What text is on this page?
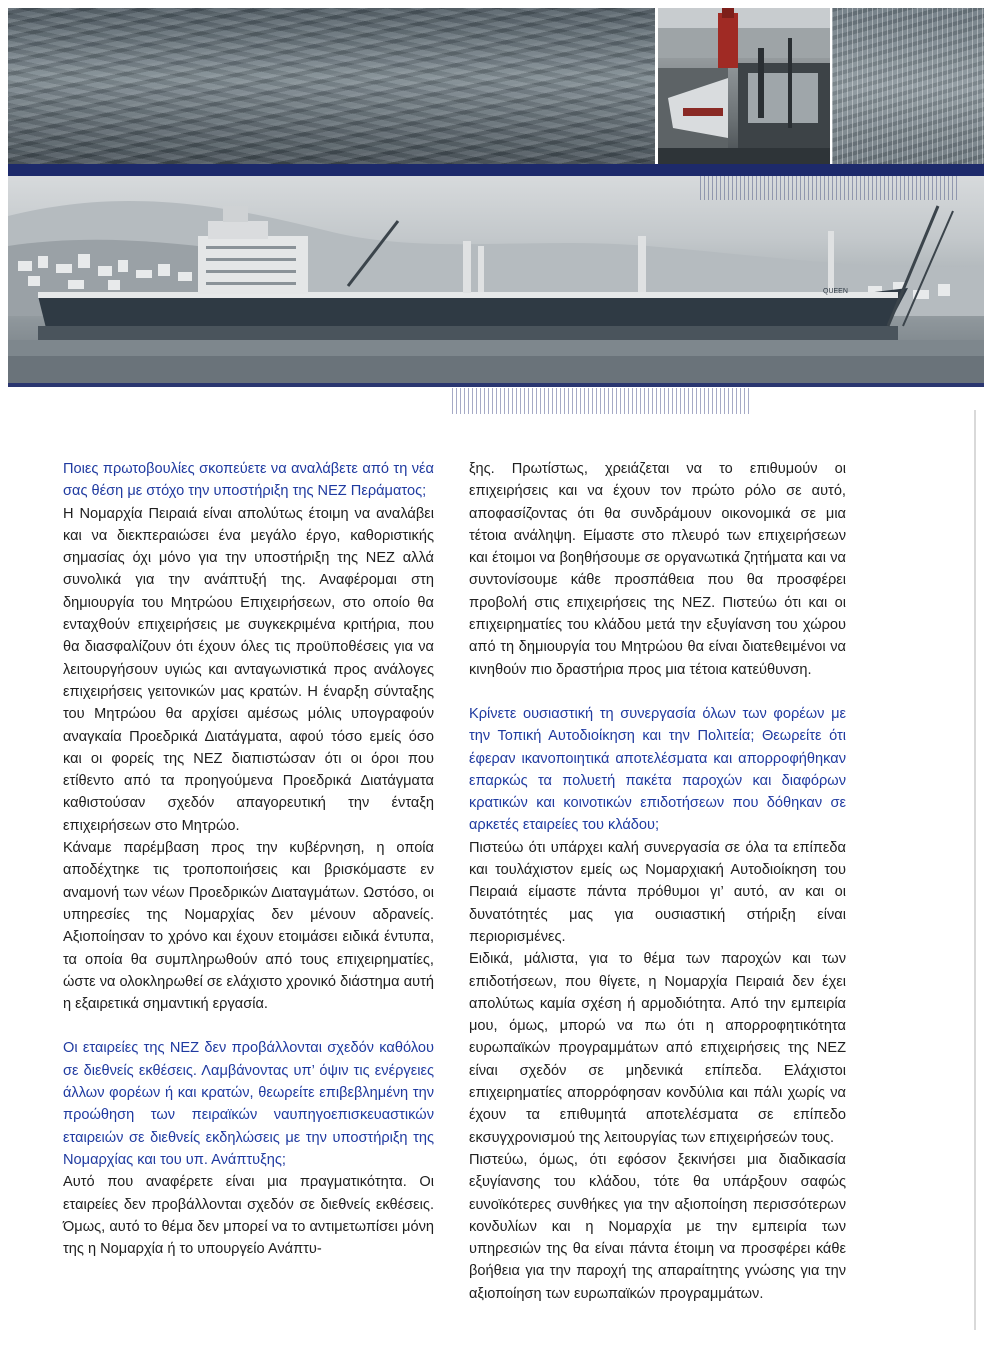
QUEEN

Ποιες πρωτοβουλίες σκοπεύετε να αναλάβετε από τη νέα σας θέση με στόχο την υποστήριξη της ΝΕΖ Περάματος;

Η Νομαρχία Πειραιά είναι απολύτως έτοιμη να αναλάβει και να διεκπεραιώσει ένα μεγάλο έργο, καθοριστικής σημασίας όχι μόνο για την υποστήριξη της ΝΕΖ αλλά συνολικά για την ανάπτυξή της. Αναφέρομαι στη δημιουργία του Μητρώου Επιχειρήσεων, στο οποίο θα ενταχθούν επιχειρήσεις με συγκεκριμένα κριτήρια, που θα διασφαλίζουν ότι έχουν όλες τις προϋποθέσεις για να λειτουργήσουν υγιώς και ανταγωνιστικά προς ανάλογες επιχειρήσεις γειτονικών μας κρατών. Η έναρξη σύνταξης του Μητρώου θα αρχίσει αμέσως μόλις υπογραφούν αναγκαία Προεδρικά Διατάγματα, αφού τόσο εμείς όσο και οι φορείς της ΝΕΖ διαπιστώσαν ότι οι όροι που ετίθεντο από τα προηγούμενα Προεδρικά Διατάγματα καθιστούσαν σχεδόν απαγορευτική την ένταξη επιχειρήσεων στο Μητρώο.

Κάναμε παρέμβαση προς την κυβέρνηση, η οποία αποδέχτηκε τις τροποποιήσεις και βρισκόμαστε εν αναμονή των νέων Προεδρικών Διαταγμάτων. Ωστόσο, οι υπηρεσίες της Νομαρχίας δεν μένουν αδρανείς. Αξιοποίησαν το χρόνο και έχουν ετοιμάσει ειδικά έντυπα, τα οποία θα συμπληρωθούν από τους επιχειρηματίες, ώστε να ολοκληρωθεί σε ελάχιστο χρονικό διάστημα αυτή η εξαιρετικά σημαντική εργασία.

Οι εταιρείες της ΝΕΖ δεν προβάλλονται σχεδόν καθόλου σε διεθνείς εκθέσεις. Λαμβάνοντας υπ’ όψιν τις ενέργειες άλλων φορέων ή και κρατών, θεωρείτε επιβεβλημένη την προώθηση των πειραϊκών ναυπηγοεπισκευαστικών εταιρειών σε διεθνείς εκδηλώσεις με την υποστήριξη της Νομαρχίας και του υπ. Ανάπτυξης;

Αυτό που αναφέρετε είναι μια πραγματικότητα. Οι εταιρείες δεν προβάλλονται σχεδόν σε διεθνείς εκθέσεις. Όμως, αυτό το θέμα δεν μπορεί να το αντιμετωπίσει μόνη της η Νομαρχία ή το υπουργείο Ανάπτυ-

ξης. Πρωτίστως, χρειάζεται να το επιθυμούν οι επιχειρήσεις και να έχουν τον πρώτο ρόλο σε αυτό, αποφασίζοντας ότι θα συνδράμουν οικονομικά σε μια τέτοια ανάληψη. Είμαστε στο πλευρό των επιχειρήσεων και έτοιμοι να βοηθήσουμε σε οργανωτικά ζητήματα και να συντονίσουμε κάθε προσπάθεια που θα προσφέρει προβολή στις επιχειρήσεις της ΝΕΖ. Πιστεύω ότι και οι επιχειρηματίες του κλάδου μετά την εξυγίανση του χώρου από τη δημιουργία του Μητρώου θα είναι διατεθειμένοι να κινηθούν πιο δραστήρια προς μια τέτοια κατεύθυνση.

Κρίνετε ουσιαστική τη συνεργασία όλων των φορέων με την Τοπική Αυτοδιοίκηση και την Πολιτεία; Θεωρείτε ότι έφεραν ικανοποιητικά αποτελέσματα και απορροφήθηκαν επαρκώς τα πολυετή πακέτα παροχών και διαφόρων κρατικών και κοινοτικών επιδοτήσεων που δόθηκαν σε αρκετές εταιρείες του κλάδου;

Πιστεύω ότι υπάρχει καλή συνεργασία σε όλα τα επίπεδα και τουλάχιστον εμείς ως Νομαρχιακή Αυτοδιοίκηση του Πειραιά είμαστε πάντα πρόθυμοι γι’ αυτό, αν και οι δυνατότητές μας για ουσιαστική στήριξη είναι περιορισμένες.

Ειδικά, μάλιστα, για το θέμα των παροχών και των επιδοτήσεων, που θίγετε, η Νομαρχία Πειραιά δεν έχει απολύτως καμία σχέση ή αρμοδιότητα. Από την εμπειρία μου, όμως, μπορώ να πω ότι η απορροφητικότητα ευρωπαϊκών προγραμμάτων από επιχειρήσεις της ΝΕΖ είναι σχεδόν σε μηδενικά επίπεδα. Ελάχιστοι επιχειρηματίες απορρόφησαν κονδύλια και πάλι χωρίς να έχουν τα επιθυμητά αποτελέσματα σε επίπεδο εκσυγχρονισμού της λειτουργίας των επιχειρήσεών τους.

Πιστεύω, όμως, ότι εφόσον ξεκινήσει μια διαδικασία εξυγίανσης του κλάδου, τότε θα υπάρξουν σαφώς ευνοϊκότερες συνθήκες για την αξιοποίηση περισσότερων κονδυλίων και η Νομαρχία με την εμπειρία των υπηρεσιών της θα είναι πάντα έτοιμη να προσφέρει κάθε βοήθεια για την παροχή της απαραίτητης γνώσης για την αξιοποίηση των ευρωπαϊκών προγραμμάτων.
